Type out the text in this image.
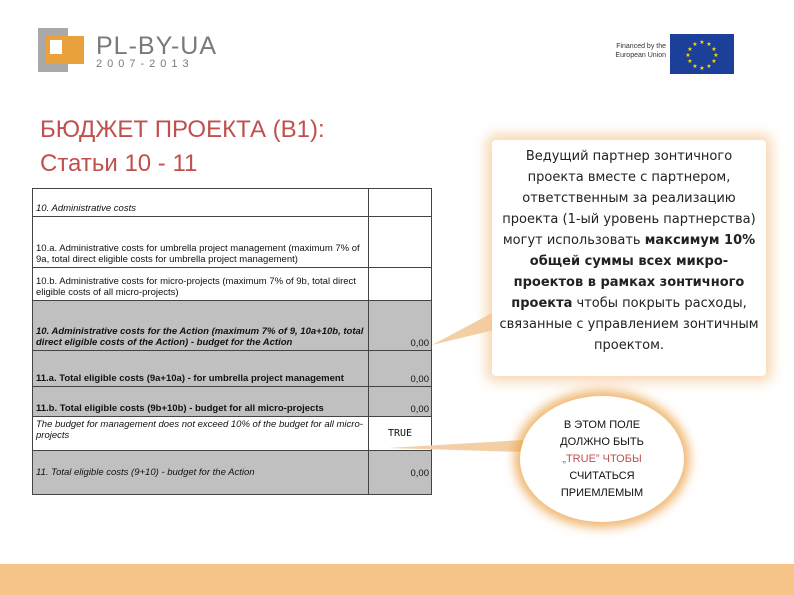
PL-BY-UA
2007-2013
Financed by the European Union
★ ★
★
★
★
★
★
★
★
★
★
★
БЮДЖЕТ ПРОЕКТА (B1):
Статьи 10 - 11
10. Administrative costs	
10.a. Administrative costs for umbrella project management (maximum 7% of 9a, total direct eligible costs for umbrella project management)	
10.b. Administrative costs for micro-projects (maximum 7% of 9b, total direct eligible costs of all micro-projects)	
10. Administrative costs for the Action (maximum 7% of 9, 10a+10b, total direct eligible costs of the Action) - budget for the Action	0,00
11.a. Total eligible costs (9a+10a) - for umbrella project management	0,00
11.b. Total eligible costs (9b+10b) - budget for all micro-projects	0,00
The budget for management does not exceed 10% of the budget for all micro-projects	TRUE
11. Total eligible costs (9+10) - budget for the Action	0,00
Ведущий партнер зонтичного проекта вместе с партнером, ответственным за реализацию проекта (1-ый уровень партнерства) могут использовать максимум 10% общей суммы всех микро-проектов в рамках зонтичного проекта чтобы покрыть расходы, связанные с управлением зонтичным проектом.
В ЭТОМ ПОЛЕ
ДОЛЖНО БЫТЬ
„TRUE” ЧТОБЫ
СЧИТАТЬСЯ
ПРИЕМЛЕМЫМ
